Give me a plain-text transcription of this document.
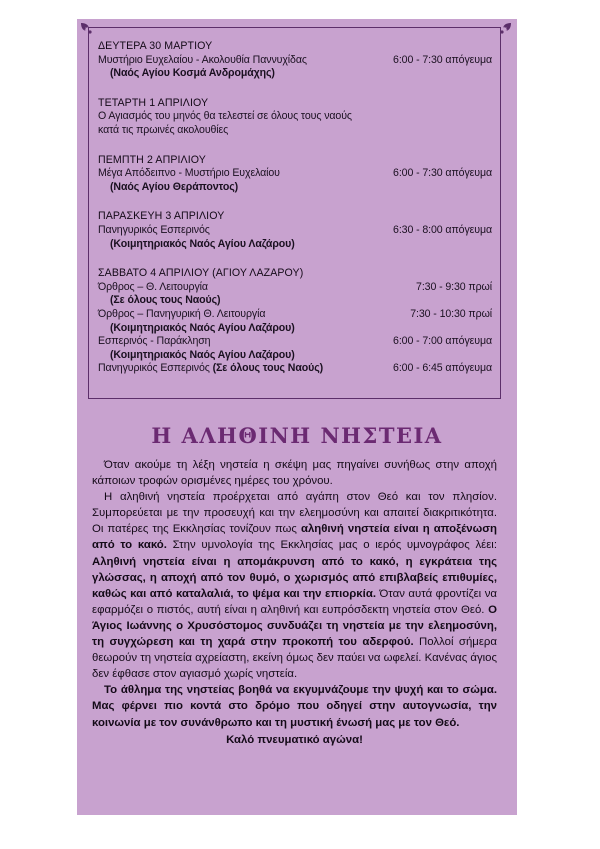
ΔΕΥΤΕΡΑ 30 ΜΑΡΤΙΟΥ
Μυστήριο Ευχελαίου - Ακολουθία Παννυχίδας	6:00 - 7:30 απόγευμα
(Ναός Αγίου Κοσμά Ανδρομάχης)
ΤΕΤΑΡΤΗ 1 ΑΠΡΙΛΙΟΥ
Ο Αγιασμός του μηνός θα τελεστεί σε όλους τους ναούς
κατά τις πρωινές ακολουθίες
ΠΕΜΠΤΗ 2 ΑΠΡΙΛΙΟΥ
Μέγα Απόδειπνο - Μυστήριο Ευχελαίου	6:00 - 7:30 απόγευμα
(Ναός Αγίου Θεράποντος)
ΠΑΡΑΣΚΕΥΗ 3 ΑΠΡΙΛΙΟΥ
Πανηγυρικός Εσπερινός	6:30 - 8:00 απόγευμα
(Κοιμητηριακός Ναός Αγίου Λαζάρου)
ΣΑΒΒΑΤΟ 4 ΑΠΡΙΛΙΟΥ (ΑΓΙΟΥ ΛΑΖΑΡΟΥ)
Όρθρος – Θ. Λειτουργία	7:30 - 9:30 πρωί
(Σε όλους τους Ναούς)
Όρθρος – Πανηγυρική Θ. Λειτουργία	7:30 - 10:30 πρωί
(Κοιμητηριακός Ναός Αγίου Λαζάρου)
Εσπερινός - Παράκληση	6:00 - 7:00 απόγευμα
(Κοιμητηριακός Ναός Αγίου Λαζάρου)
Πανηγυρικός Εσπερινός (Σε όλους τους Ναούς)	6:00 - 6:45 απόγευμα
Η ΑΛΗΘΙΝΗ ΝΗΣΤΕΙΑ

Όταν ακούμε τη λέξη νηστεία η σκέψη μας πηγαίνει συνήθως στην αποχή κάποιων τροφών ορισμένες ημέρες του χρόνου.

Η αληθινή νηστεία προέρχεται από αγάπη στον Θεό και τον πλησίον. Συμπορεύεται με την προσευχή και την ελεημοσύνη και απαιτεί διακριτικότητα. Οι πατέρες της Εκκλησίας τονίζουν πως αληθινή νηστεία είναι η αποξένωση από το κακό. Στην υμνολογία της Εκκλησίας μας ο ιερός υμνογράφος λέει: Αληθινή νηστεία είναι η απομάκρυνση από το κακό, η εγκράτεια της γλώσσας, η αποχή από τον θυμό, ο χωρισμός από επιβλαβείς επιθυμίες, καθώς και από καταλαλιά, το ψέμα και την επιορκία. Όταν αυτά φροντίζει να εφαρμόζει ο πιστός, αυτή είναι η αληθινή και ευπρόσδεκτη νηστεία στον Θεό. Ο Άγιος Ιωάννης ο Χρυσόστομος συνδυάζει τη νηστεία με την ελεημοσύνη, τη συγχώρεση και τη χαρά στην προκοπή του αδερφού. Πολλοί σήμερα θεωρούν τη νηστεία αχρείαστη, εκείνη όμως δεν παύει να ωφελεί. Κανένας άγιος δεν έφθασε στον αγιασμό χωρίς νηστεία.

Το άθλημα της νηστείας βοηθά να εκγυμνάζουμε την ψυχή και το σώμα. Μας φέρνει πιο κοντά στο δρόμο που οδηγεί στην αυτογνωσία, την κοινωνία με τον συνάνθρωπο και τη μυστική ένωσή μας με τον Θεό.

Καλό πνευματικό αγώνα!
